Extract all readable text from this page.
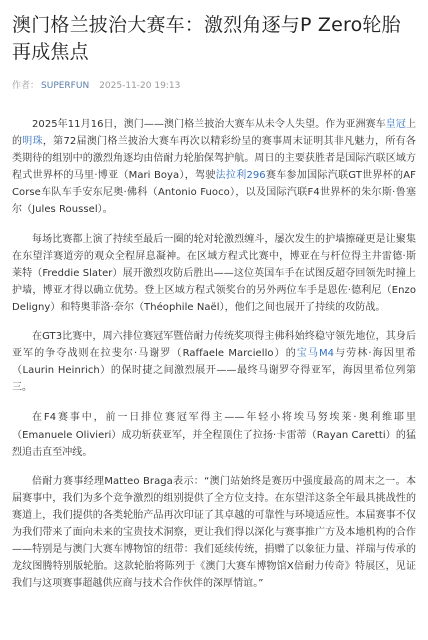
澳门格兰披治大赛车：激烈角逐与P Zero轮胎再成焦点
作者： SUPERFUN 2025-11-20 19:13

2025年11月16日，澳门——澳门格兰披治大赛车从未令人失望。作为亚洲赛车皇冠上的明珠，第72届澳门格兰披治大赛车再次以精彩纷呈的赛事周末证明其非凡魅力，所有各类期待的组别中的激烈角逐均由倍耐力轮胎保驾护航。周日的主要获胜者是国际汽联区域方程式世界杯的马里·博亚（Mari Boya），驾驶法拉利296赛车参加国际汽联GT世界杯的AF Corse车队车手安东尼奥·佛科（Antonio Fuoco），以及国际汽联F4世界杯的朱尔斯·鲁塞尔（Jules Roussel）。

每场比赛都上演了持续至最后一圈的轮对轮激烈缠斗，屡次发生的护墙擦碰更是让聚集在东望洋赛道旁的观众全程屏息凝神。在区域方程式比赛中，博亚在与杆位得主井雷德·斯莱特（Freddie Slater）展开激烈攻防后胜出——这位英国车手在试图反超夺回领先时撞上护墙，博亚才得以确立优势。登上区域方程式领奖台的另外两位车手是恩佐·德利尼（Enzo Deligny）和特奥菲洛·奈尔（Théophile Naël），他们之间也展开了持续的攻防战。

在GT3比赛中，周六排位赛冠军暨倍耐力传统奖项得主佛科始终稳守领先地位，其身后亚军的争夺战则在拉斐尔·马谢罗（Raffaele Marciello）的宝马M4与劳林·海因里希（Laurin Heinrich）的保时捷之间激烈展开——最终马谢罗夺得亚军，海因里希位列第三。

在F4赛事中，前一日排位赛冠军得主——年轻小将埃马努埃莱·奥利维耶里（Emanuele Olivieri）成功斩获亚军，并全程顶住了拉扬·卡雷蒂（Rayan Caretti）的猛烈追击直至冲线。

倍耐力赛事经理Matteo Braga表示：“澳门站始终是赛历中强度最高的周末之一。本届赛事中，我们为多个竞争激烈的组别提供了全方位支持。在东望洋这条全年最具挑战性的赛道上，我们提供的各类轮胎产品再次印证了其卓越的可靠性与环境适应性。本届赛事不仅为我们带来了面向未来的宝贵技术洞察，更让我们得以深化与赛事推广方及本地机构的合作——特别是与澳门大赛车博物馆的纽带：我们延续传统，捐赠了以象征力量、祥瑞与传承的龙纹图腾特别版轮胎。这款轮胎将陈列于《澳门大赛车博物馆X倍耐力传奇》特展区，见证我们与这项赛事超越供应商与技术合作伙伴的深厚情谊。”
